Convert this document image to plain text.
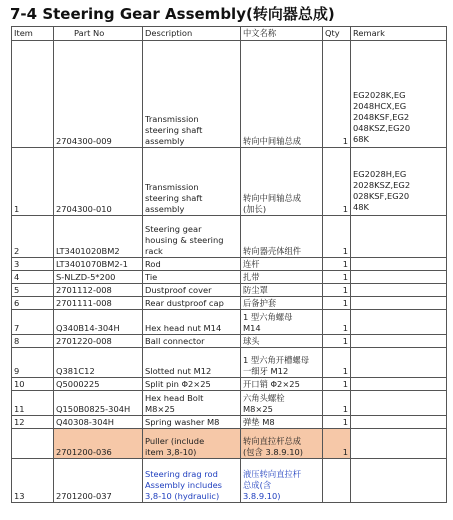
7-4 Steering Gear Assembly(转向器总成)
Item	Part No	Description	中文名称	Qty	Remark
	2704300-009	Transmission
steering shaft
assembly	转向中间轴总成	1	EG2028K,EG
2048HCX,EG
2048KSF,EG2
048KSZ,EG20
68K
1	2704300-010	Transmission
steering shaft
assembly	转向中间轴总成
(加长)	1	EG2028H,EG
2028KSZ,EG2
028KSF,EG20
48K
2	LT3401020BM2	Steering gear
housing & steering
rack	转向器壳体组件	1	
3	LT3401070BM2-1	Rod	连杆	1	
4	S-NLZD-5*200	Tie	扎带	1	
5	2701112-008	Dustproof cover	防尘罩	1	
6	2701111-008	Rear dustproof cap	后备护套	1	
7	Q340B14-304H	Hex head nut M14	1 型六角螺母
M14	1	
8	2701220-008	Ball connector	球头	1	
9	Q381C12	Slotted nut M12	1 型六角开槽螺母
一细牙 M12	1	
10	Q5000225	Split pin Φ2×25	开口销 Φ2×25	1	
11	Q150B0825-304H	Hex head Bolt
M8×25	六角头螺栓
M8×25	1	
12	Q40308-304H	Spring washer M8	弹垫 M8	1	
	2701200-036	Puller (include
item 3,8-10)	转向直拉杆总成
(包含 3.8.9.10)	1	
13	2701200-037	Steering drag rod
Assembly includes
3,8-10 (hydraulic)	液压转向直拉杆
总成(含
3.8.9.10)		
